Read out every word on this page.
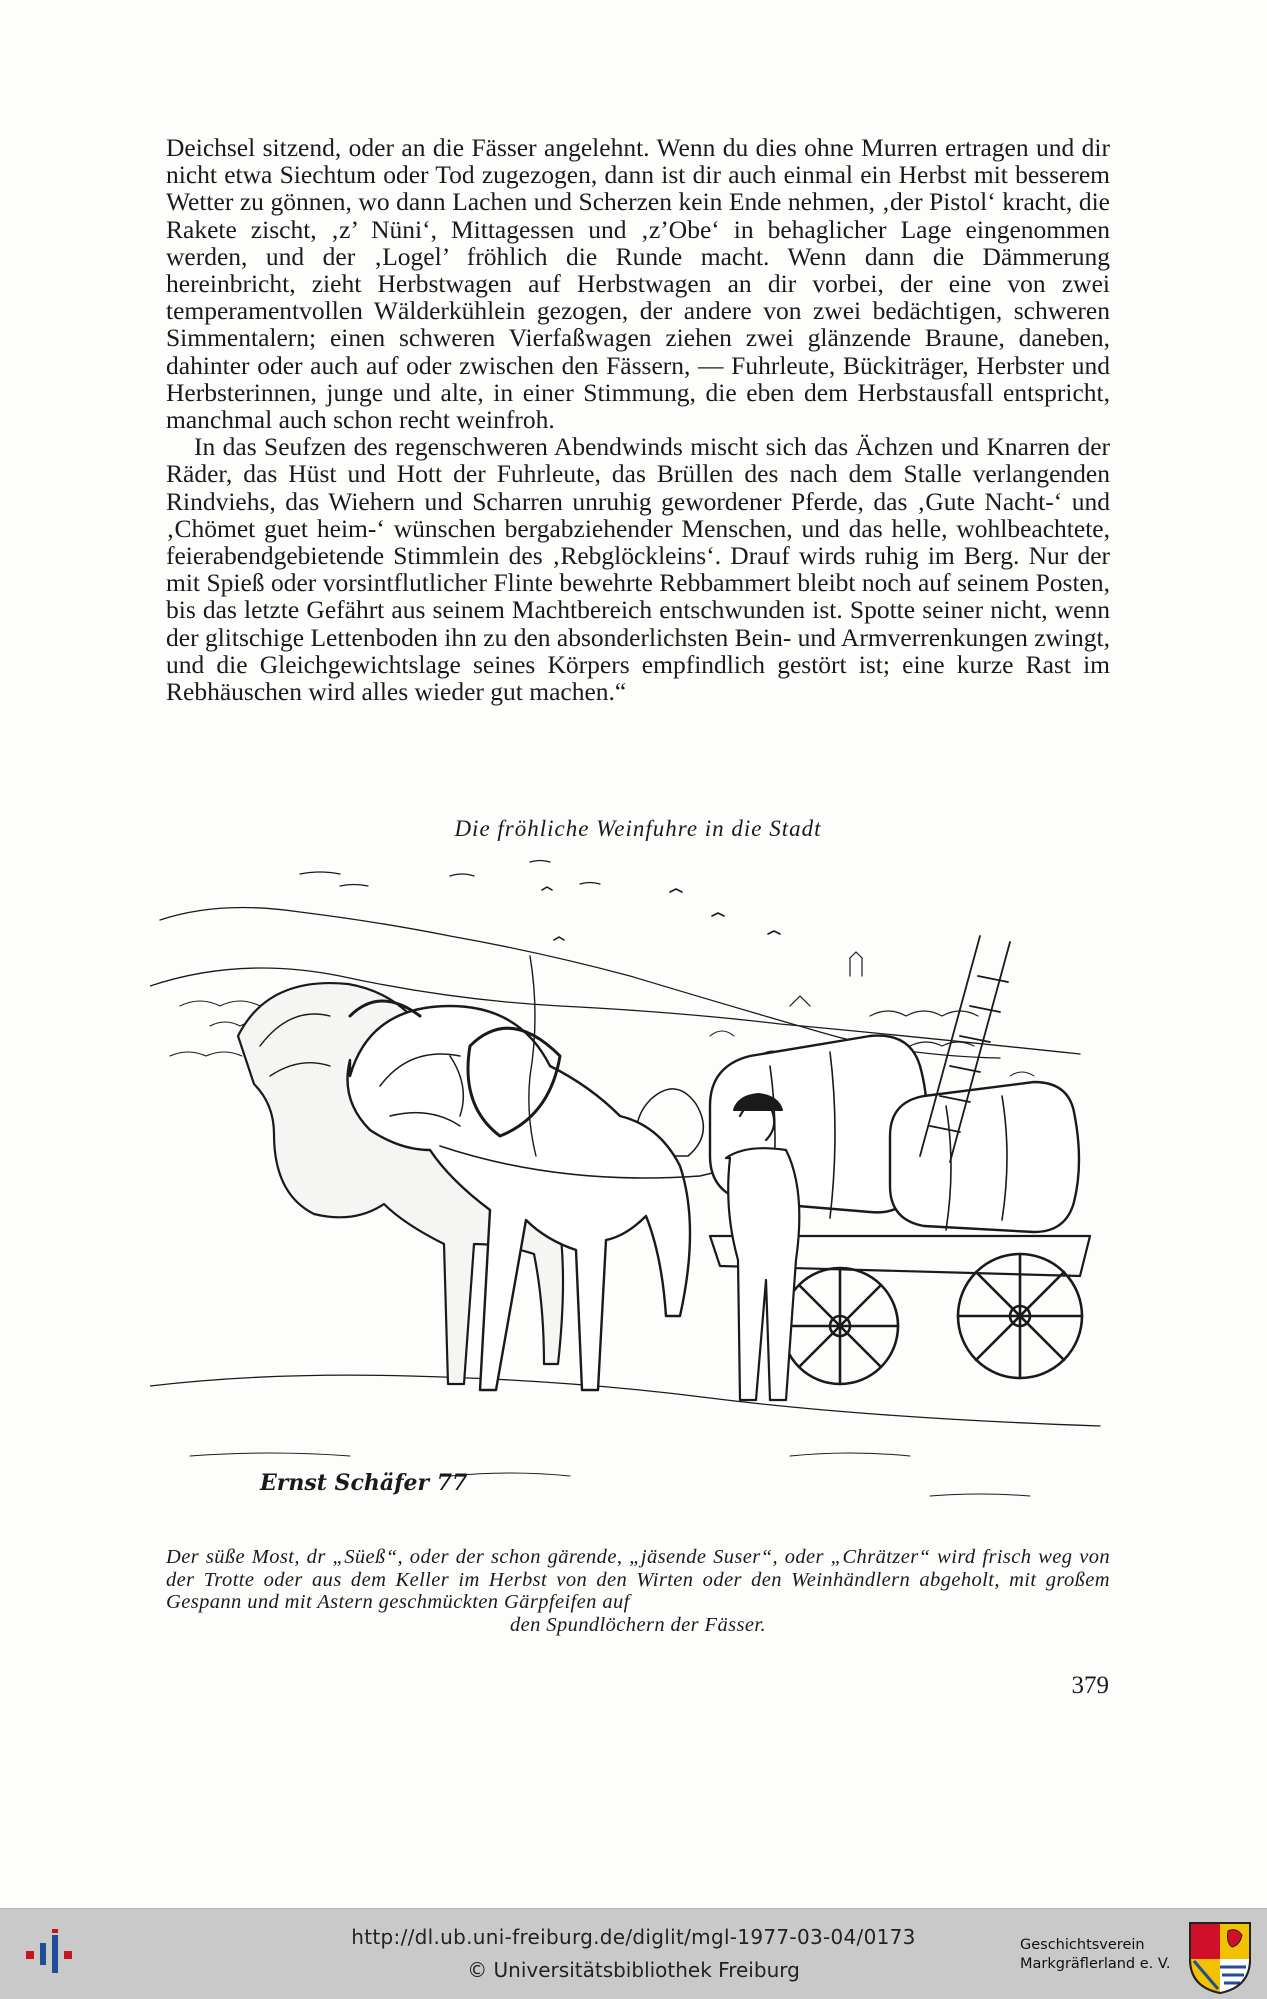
Deichsel sitzend, oder an die Fässer angelehnt. Wenn du dies ohne Murren ertragen und dir nicht etwa Siechtum oder Tod zugezogen, dann ist dir auch einmal ein Herbst mit besserem Wetter zu gönnen, wo dann Lachen und Scherzen kein Ende nehmen, ‚der Pistol‘ kracht, die Rakete zischt, ‚z’ Nüni‘, Mittagessen und ‚z’Obe‘ in behaglicher Lage eingenommen werden, und der ‚Logel’ fröhlich die Runde macht. Wenn dann die Dämmerung hereinbricht, zieht Herbstwagen auf Herbstwagen an dir vorbei, der eine von zwei temperamentvollen Wälderkühlein gezogen, der andere von zwei bedächtigen, schweren Simmentalern; einen schweren Vierfaßwagen ziehen zwei glänzende Braune, daneben, dahinter oder auch auf oder zwischen den Fässern, — Fuhrleute, Bückiträger, Herbster und Herbsterinnen, junge und alte, in einer Stimmung, die eben dem Herbstausfall entspricht, manchmal auch schon recht weinfroh.

In das Seufzen des regenschweren Abendwinds mischt sich das Ächzen und Knarren der Räder, das Hüst und Hott der Fuhrleute, das Brüllen des nach dem Stalle verlangenden Rindviehs, das Wiehern und Scharren unruhig gewordener Pferde, das ‚Gute Nacht-‘ und ‚Chömet guet heim-‘ wünschen bergabziehender Menschen, und das helle, wohlbeachtete, feierabendgebietende Stimmlein des ‚Rebglöckleins‘. Drauf wirds ruhig im Berg. Nur der mit Spieß oder vorsintflutlicher Flinte bewehrte Rebbammert bleibt noch auf seinem Posten, bis das letzte Gefährt aus seinem Machtbereich entschwunden ist. Spotte seiner nicht, wenn der glitschige Lettenboden ihn zu den absonderlichsten Bein- und Armverrenkungen zwingt, und die Gleichgewichtslage seines Körpers empfindlich gestört ist; eine kurze Rast im Rebhäuschen wird alles wieder gut machen.“

Die fröhliche Weinfuhre in die Stadt
Ernst Schäfer 77
Der süße Most, dr „Süeß“, oder der schon gärende, „jäsende Suser“, oder „Chrätzer“ wird frisch weg von der Trotte oder aus dem Keller im Herbst von den Wirten oder den Weinhändlern abgeholt, mit großem Gespann und mit Astern geschmückten Gärpfeifen auf
den Spundlöchern der Fässer.
379
http://dl.ub.uni-freiburg.de/diglit/mgl-1977-03-04/0173
© Universitätsbibliothek Freiburg
Geschichtsverein
Markgräflerland e. V.
